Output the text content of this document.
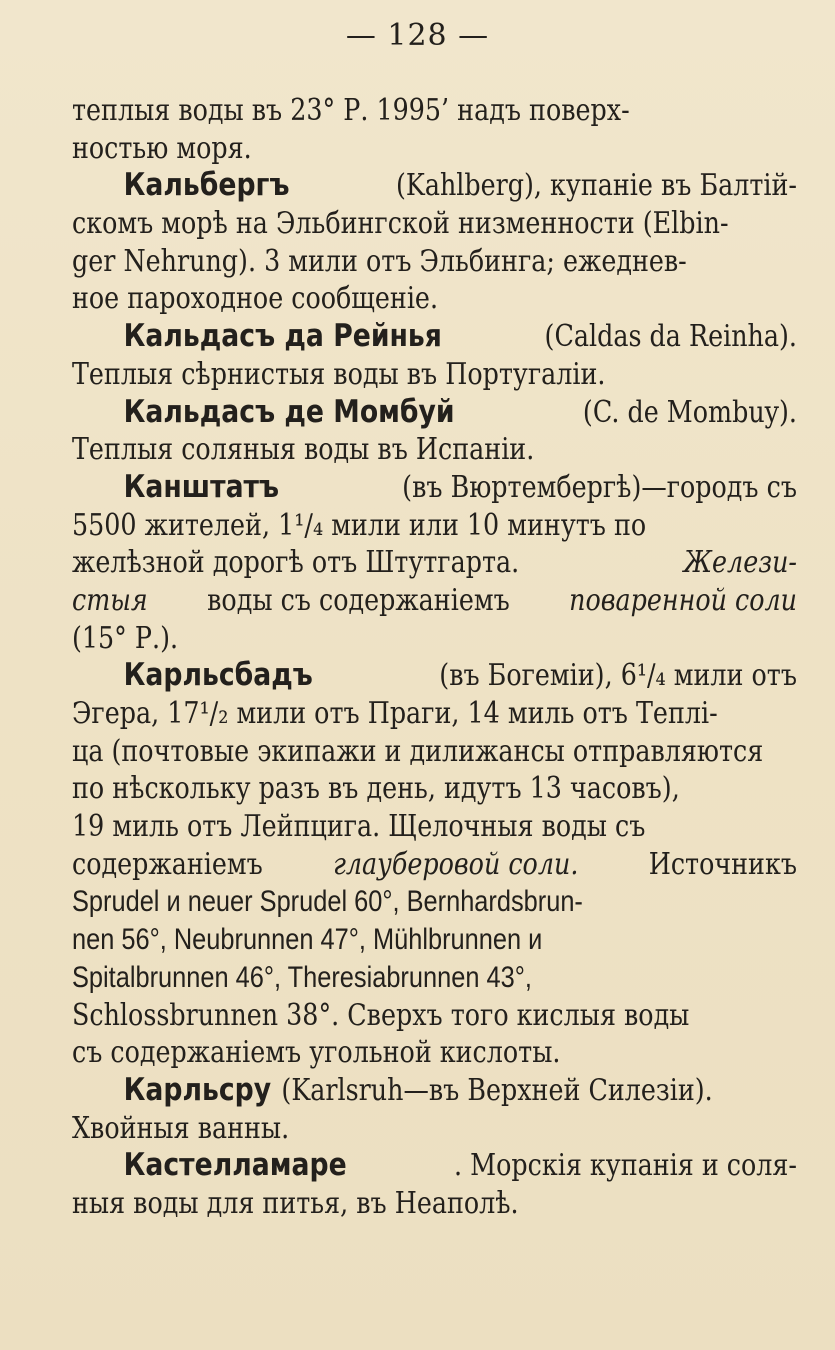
— 128 —
теплыя воды въ 23° Р. 1995’ надъ поверх-
ностью моря.
Кальбергъ	(Kahlberg), купаніе въ Балтій-
скомъ морѣ на Эльбингской низменности (Elbin-
ger Nehrung). 3 мили отъ Эльбинга; ежеднев-
ное пароходное сообщеніе.
Кальдасъ да Рейнья	(Caldas da Reinha).
Теплыя сѣрнистыя воды въ Португаліи.
Кальдасъ де Момбуй	(C. de Mombuy).
Теплыя соляныя воды въ Испаніи.
Канштатъ	(въ Вюртембергѣ)—городъ съ
5500 жителей, 1¹/₄ мили или 10 минутъ по
желѣзной дорогѣ отъ Штутгарта.	Желези-
стыя воды съ содержаніемъ поваренной соли
(15° Р.).
Карльсбадъ	(въ Богеміи), 6¹/₄ мили отъ
Эгера, 17¹/₂ мили отъ Праги, 14 миль отъ Теплі-
ца (почтовые экипажи и дилижансы отправляются
по нѣскольку разъ въ день, идутъ 13 часовъ),
19 миль отъ Лейпцига. Щелочныя воды съ
содержаніемъ глауберовой соли. Источникъ
Sprudel и neuer Sprudel 60°, Bernhardsbrun-
nen 56°, Neubrunnen 47°, Mühlbrunnen и
Spitalbrunnen 46°, Theresiabrunnen 43°,
Schlossbrunnen 38°. Сверхъ того кислыя воды
съ содержаніемъ угольной кислоты.
Карльсру (Karlsruh—въ Верхней Силезіи).
Хвойныя ванны.
Кастелламаре	. Морскія купанія и соля-
ныя воды для питья, въ Неаполѣ.
